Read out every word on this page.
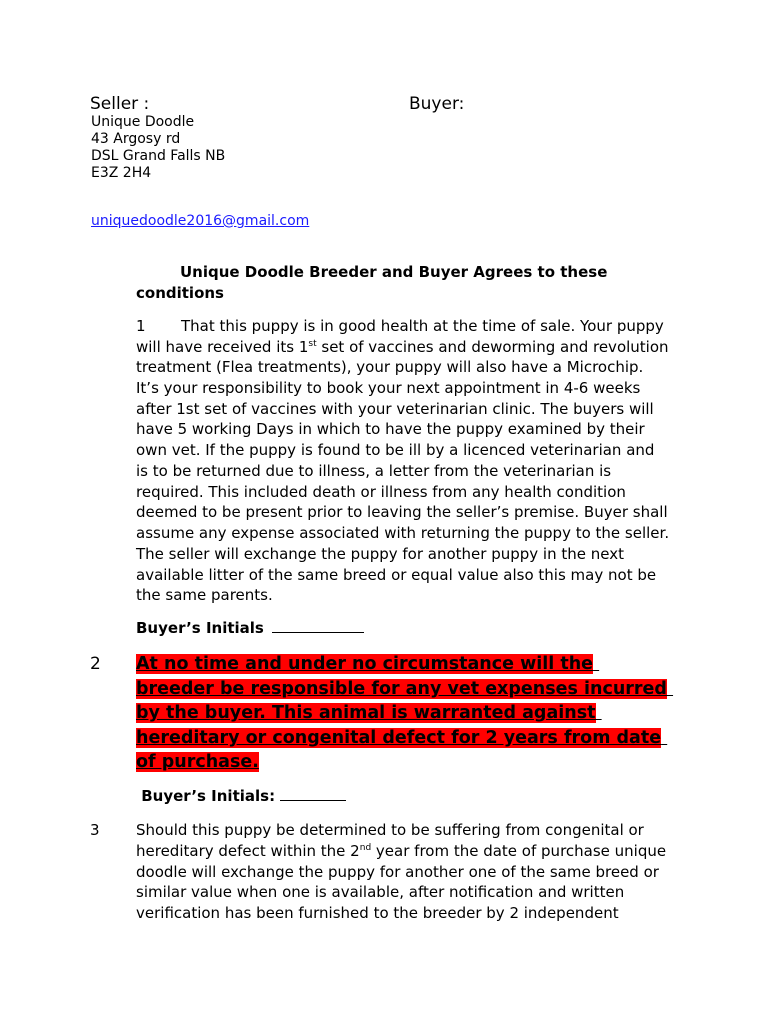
Seller :	Buyer:
Unique Doodle
43 Argosy rd
DSL Grand Falls NB
E3Z 2H4
uniquedoodle2016@gmail.com
Unique Doodle Breeder and Buyer Agrees to these
conditions
1 That this puppy is in good health at the time of sale. Your puppy
will have received its 1st set of vaccines and deworming and revolution
treatment (Flea treatments), your puppy will also have a Microchip.
It’s your responsibility to book your next appointment in 4-6 weeks
after 1st set of vaccines with your veterinarian clinic. The buyers will
have 5 working Days in which to have the puppy examined by their
own vet. If the puppy is found to be ill by a licenced veterinarian and
is to be returned due to illness, a letter from the veterinarian is
required. This included death or illness from any health condition
deemed to be present prior to leaving the seller’s premise. Buyer shall
assume any expense associated with returning the puppy to the seller.
The seller will exchange the puppy for another puppy in the next
available litter of the same breed or equal value also this may not be
the same parents.
Buyer’s Initials
2 At no time and under no circumstance will the
breeder be responsible for any vet expenses incurred
by the buyer. This animal is warranted against
hereditary or congenital defect for 2 years from date
of purchase.
Buyer’s Initials:
3 Should this puppy be determined to be suffering from congenital or
hereditary defect within the 2nd year from the date of purchase unique
doodle will exchange the puppy for another one of the same breed or
similar value when one is available, after notification and written
verification has been furnished to the breeder by 2 independent
